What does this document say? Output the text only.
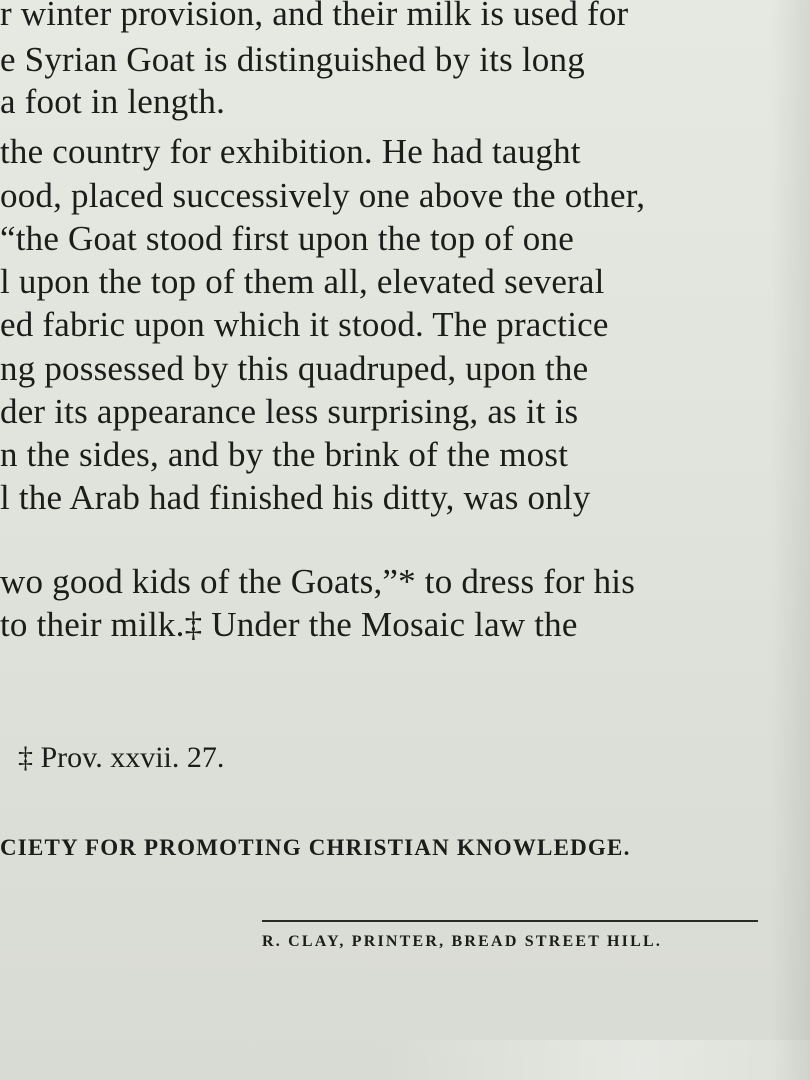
r winter provision, and their milk is used for
e Syrian Goat is distinguished by its long
a foot in length.
the country for exhibition. He had taught
ood, placed successively one above the other,
“the Goat stood first upon the top of one
l upon the top of them all, elevated several
ed fabric upon which it stood. The practice
ng possessed by this quadruped, upon the
der its appearance less surprising, as it is
n the sides, and by the brink of the most
l the Arab had finished his ditty, was only
wo good kids of the Goats,”* to dress for his
to their milk.‡ Under the Mosaic law the
‡ Prov. xxvii. 27.
CIETY FOR PROMOTING CHRISTIAN KNOWLEDGE.
R. CLAY, PRINTER, BREAD STREET HILL.
